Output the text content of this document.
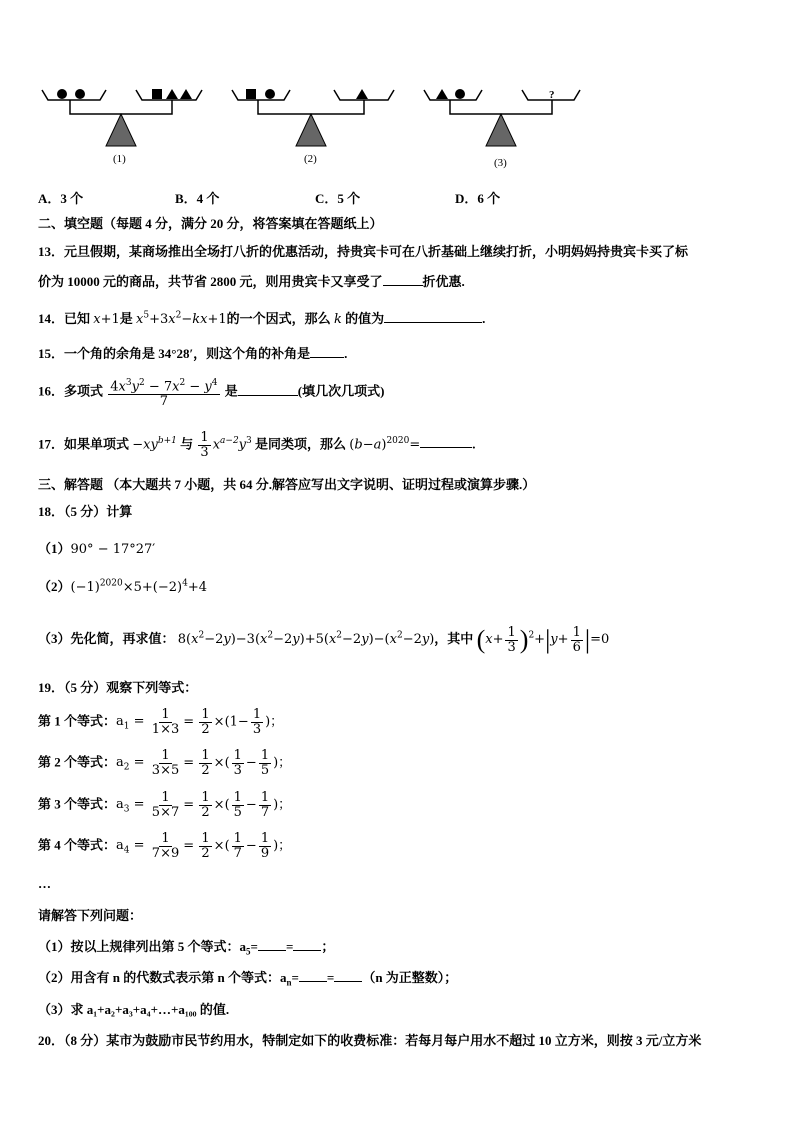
?
(1)	(2)	(3)
A．3 个	B．4 个	C．5 个	D．6 个
二、填空题（每题 4 分，满分 20 分，将答案填在答题纸上）
13．元旦假期，某商场推出全场打八折的优惠活动，持贵宾卡可在八折基础上继续打折，小明妈妈持贵宾卡买了标
价为 10000 元的商品，共节省 2800 元，则用贵宾卡又享受了	折优惠.
14．已知 x+1是 $x^5+3x^2-kx+1$的一个因式，那么 k 的值为	.
15．一个角的余角是 34°28′，则这个角的补角是	.
16．多项式 $\frac{4x^3y^2 - 7x^2 - y^4}{7}$ 是	(填几次几项式)
17．如果单项式 $-xy^{b+1}$ 与 $\frac{1}{3} x^{a-2}y^3$ 是同类项，那么 $(b-a)^{2020}=$	.
三、解答题 （本大题共 7 小题，共 64 分.解答应写出文字说明、证明过程或演算步骤.）
18．（5 分）计算
（1）90° − 17°27′
$(2)(-1)^{2020}\times 5+(-2)^4+4$
（3）先化简，再求值： $8(x^2-2y)-3(x^2-2y)+5(x^2-2y)-(x^2-2y)$，其中 $(x+ \frac{1}{3} )^2+|y+ \frac{1}{6} |=0$
19．（5 分）观察下列等式：
第 1 个等式：$a_1 = \frac{1}{1\times 3} = \frac{1}{2} \times(1- \frac{1}{3}$ )；
第 2 个等式：$a_2 = \frac{1}{3\times 5} = \frac{1}{2}$ ×( $\frac{1}{3} - \frac{1}{5}$ )；
第 3 个等式：$a_3 = \frac{1}{5\times 7} = \frac{1}{2}$ ×( $\frac{1}{5} - \frac{1}{7}$ )；
第 4 个等式：$a_4 = \frac{1}{7\times 9} = \frac{1}{2}$ ×( $\frac{1}{7} - \frac{1}{9}$ )；
…
请解答下列问题：
（1）按以上规律列出第 5 个等式：$a_5=$ = ；
（2）用含有 n 的代数式表示第 n 个等式：$a_n= = (n$ 为正整数）；
（3）求 a₁+a₂+a₃+a₄+…+a₁₀₀ 的值.
20．（8 分）某市为鼓励市民节约用水，特制定如下的收费标准：若每月每户用水不超过 10 立方米，则按 3 元/立方米
